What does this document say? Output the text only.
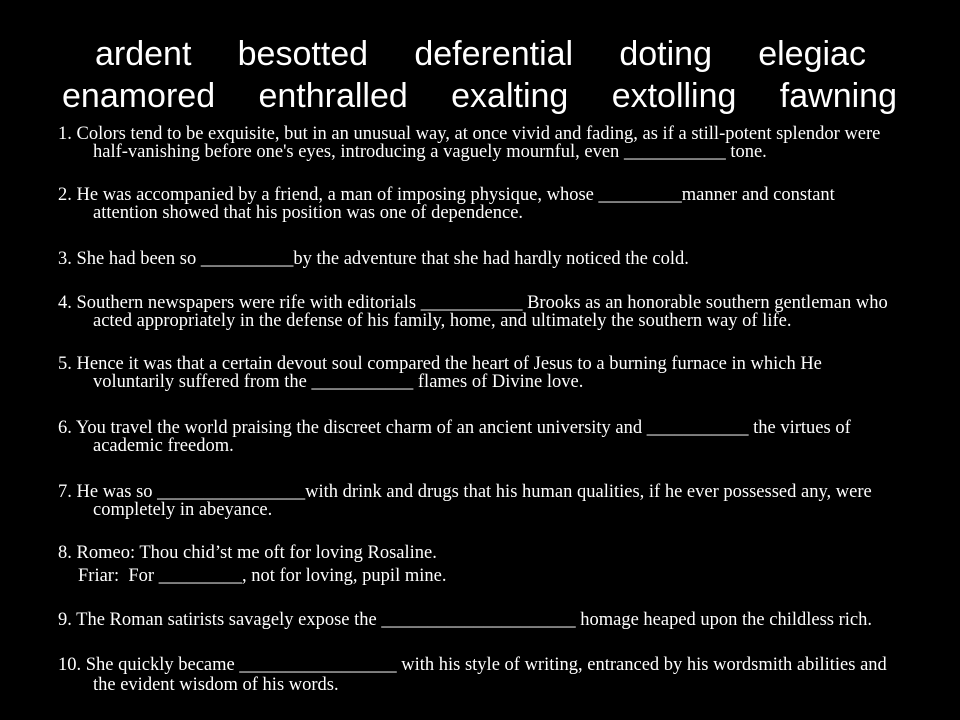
ardent besotted deferential doting elegiac
enamored enthralled exalting extolling fawning
1. Colors tend to be exquisite, but in an unusual way, at once vivid and fading, as if a still-potent splendor were
half-vanishing before one's eyes, introducing a vaguely mournful, even ___________ tone.
2. He was accompanied by a friend, a man of imposing physique, whose _________manner and constant
attention showed that his position was one of dependence.
3. She had been so __________by the adventure that she had hardly noticed the cold.
4. Southern newspapers were rife with editorials ___________ Brooks as an honorable southern gentleman who
acted appropriately in the defense of his family, home, and ultimately the southern way of life.
5. Hence it was that a certain devout soul compared the heart of Jesus to a burning furnace in which He
voluntarily suffered from the ___________ flames of Divine love.
6. You travel the world praising the discreet charm of an ancient university and ___________ the virtues of
academic freedom.
7. He was so ________________with drink and drugs that his human qualities, if he ever possessed any, were
completely in abeyance.
8. Romeo: Thou chid’st me oft for loving Rosaline.
Friar:  For _________, not for loving, pupil mine.
9. The Roman satirists savagely expose the _____________________ homage heaped upon the childless rich.
10. She quickly became _________________ with his style of writing, entranced by his wordsmith abilities and
the evident wisdom of his words.
